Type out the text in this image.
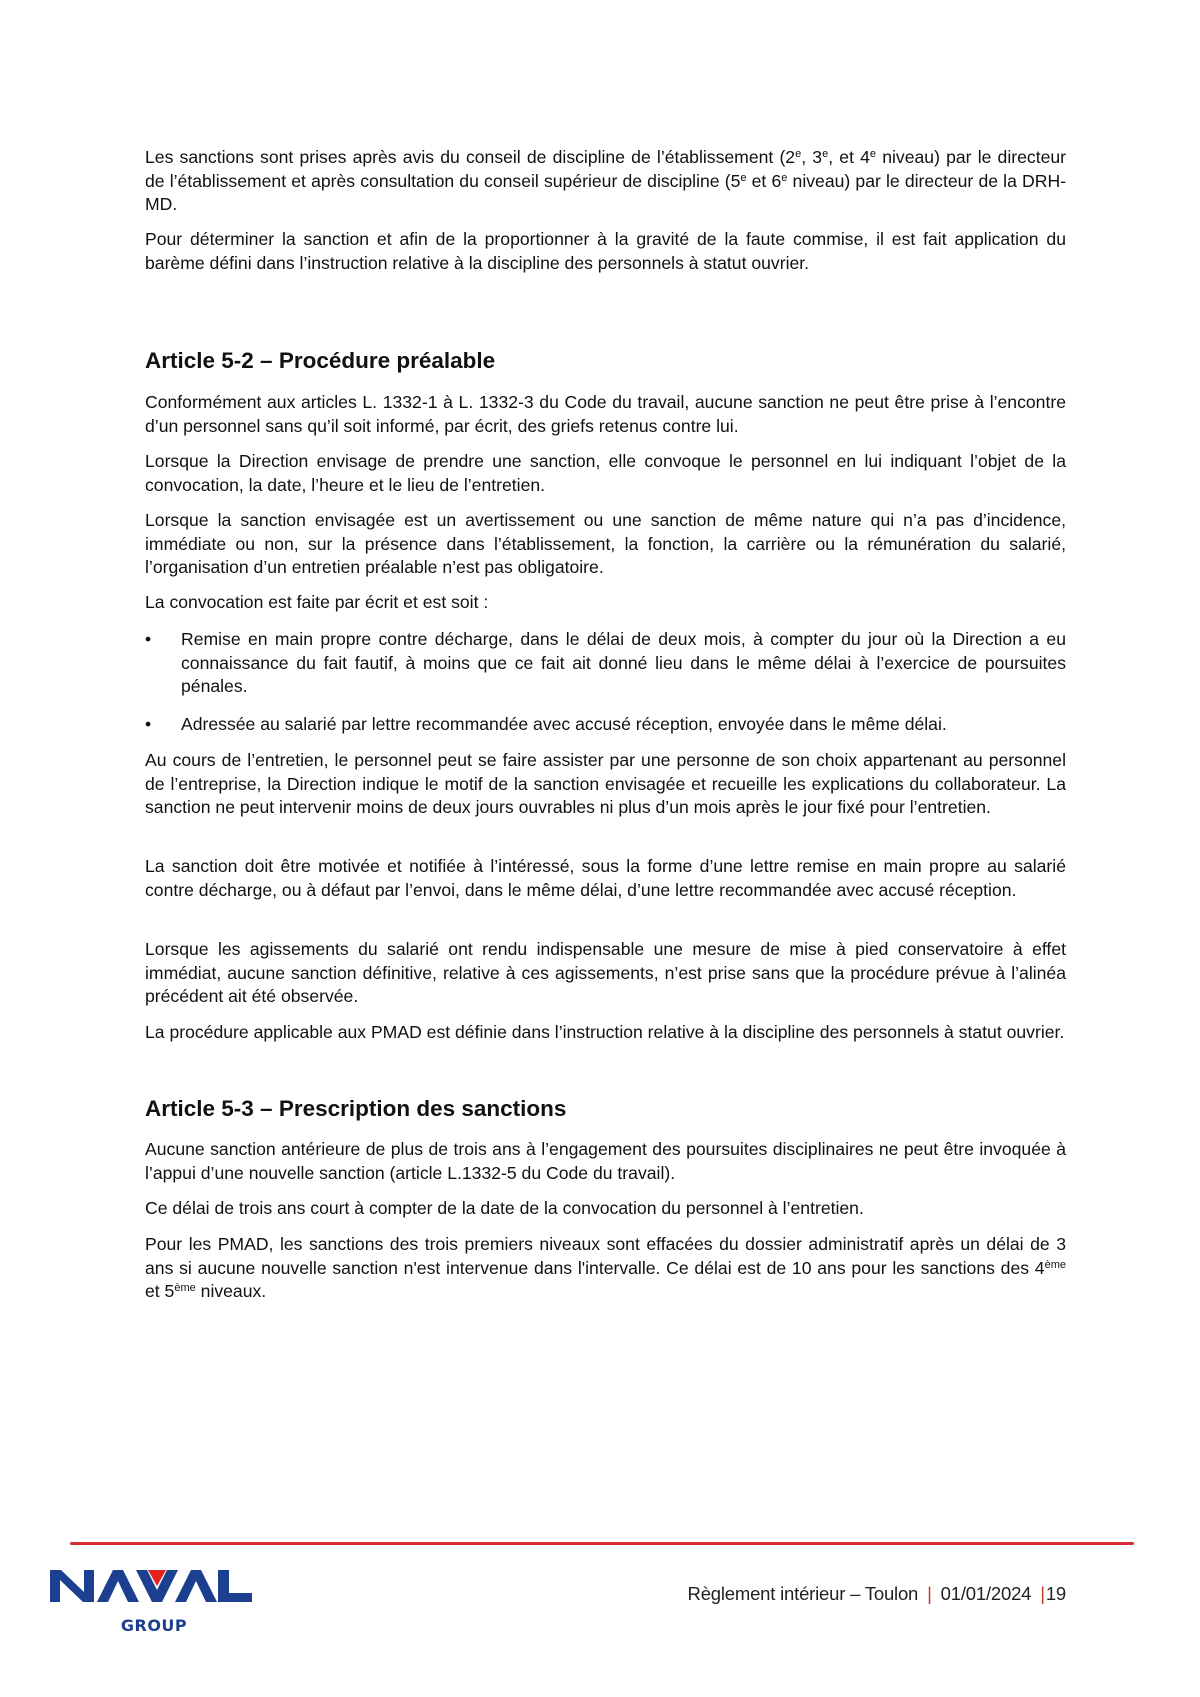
Les sanctions sont prises après avis du conseil de discipline de l’établissement (2e, 3e, et 4e niveau) par le directeur de l’établissement et après consultation du conseil supérieur de discipline (5e et 6e niveau) par le directeur de la DRH-MD.

Pour déterminer la sanction et afin de la proportionner à la gravité de la faute commise, il est fait application du barème défini dans l’instruction relative à la discipline des personnels à statut ouvrier.

Article 5-2 – Procédure préalable

Conformément aux articles L. 1332-1 à L. 1332-3 du Code du travail, aucune sanction ne peut être prise à l’encontre d’un personnel sans qu’il soit informé, par écrit, des griefs retenus contre lui.

Lorsque la Direction envisage de prendre une sanction, elle convoque le personnel en lui indiquant l’objet de la convocation, la date, l’heure et le lieu de l’entretien.

Lorsque la sanction envisagée est un avertissement ou une sanction de même nature qui n’a pas d’incidence, immédiate ou non, sur la présence dans l’établissement, la fonction, la carrière ou la rémunération du salarié, l’organisation d’un entretien préalable n’est pas obligatoire.

La convocation est faite par écrit et est soit :

• Remise en main propre contre décharge, dans le délai de deux mois, à compter du jour où la Direction a eu connaissance du fait fautif, à moins que ce fait ait donné lieu dans le même délai à l’exercice de poursuites pénales.
• Adressée au salarié par lettre recommandée avec accusé réception, envoyée dans le même délai.

Au cours de l’entretien, le personnel peut se faire assister par une personne de son choix appartenant au personnel de l’entreprise, la Direction indique le motif de la sanction envisagée et recueille les explications du collaborateur. La sanction ne peut intervenir moins de deux jours ouvrables ni plus d’un mois après le jour fixé pour l’entretien.

La sanction doit être motivée et notifiée à l’intéressé, sous la forme d’une lettre remise en main propre au salarié contre décharge, ou à défaut par l’envoi, dans le même délai, d’une lettre recommandée avec accusé réception.

Lorsque les agissements du salarié ont rendu indispensable une mesure de mise à pied conservatoire à effet immédiat, aucune sanction définitive, relative à ces agissements, n’est prise sans que la procédure prévue à l’alinéa précédent ait été observée.

La procédure applicable aux PMAD est définie dans l’instruction relative à la discipline des personnels à statut ouvrier.

Article 5-3 – Prescription des sanctions

Aucune sanction antérieure de plus de trois ans à l’engagement des poursuites disciplinaires ne peut être invoquée à l’appui d’une nouvelle sanction (article L.1332-5 du Code du travail).

Ce délai de trois ans court à compter de la date de la convocation du personnel à l’entretien.

Pour les PMAD, les sanctions des trois premiers niveaux sont effacées du dossier administratif après un délai de 3 ans si aucune nouvelle sanction n'est intervenue dans l'intervalle. Ce délai est de 10 ans pour les sanctions des 4ème et 5ème niveaux.

GROUP
Règlement intérieur – Toulon | 01/01/2024 |19
